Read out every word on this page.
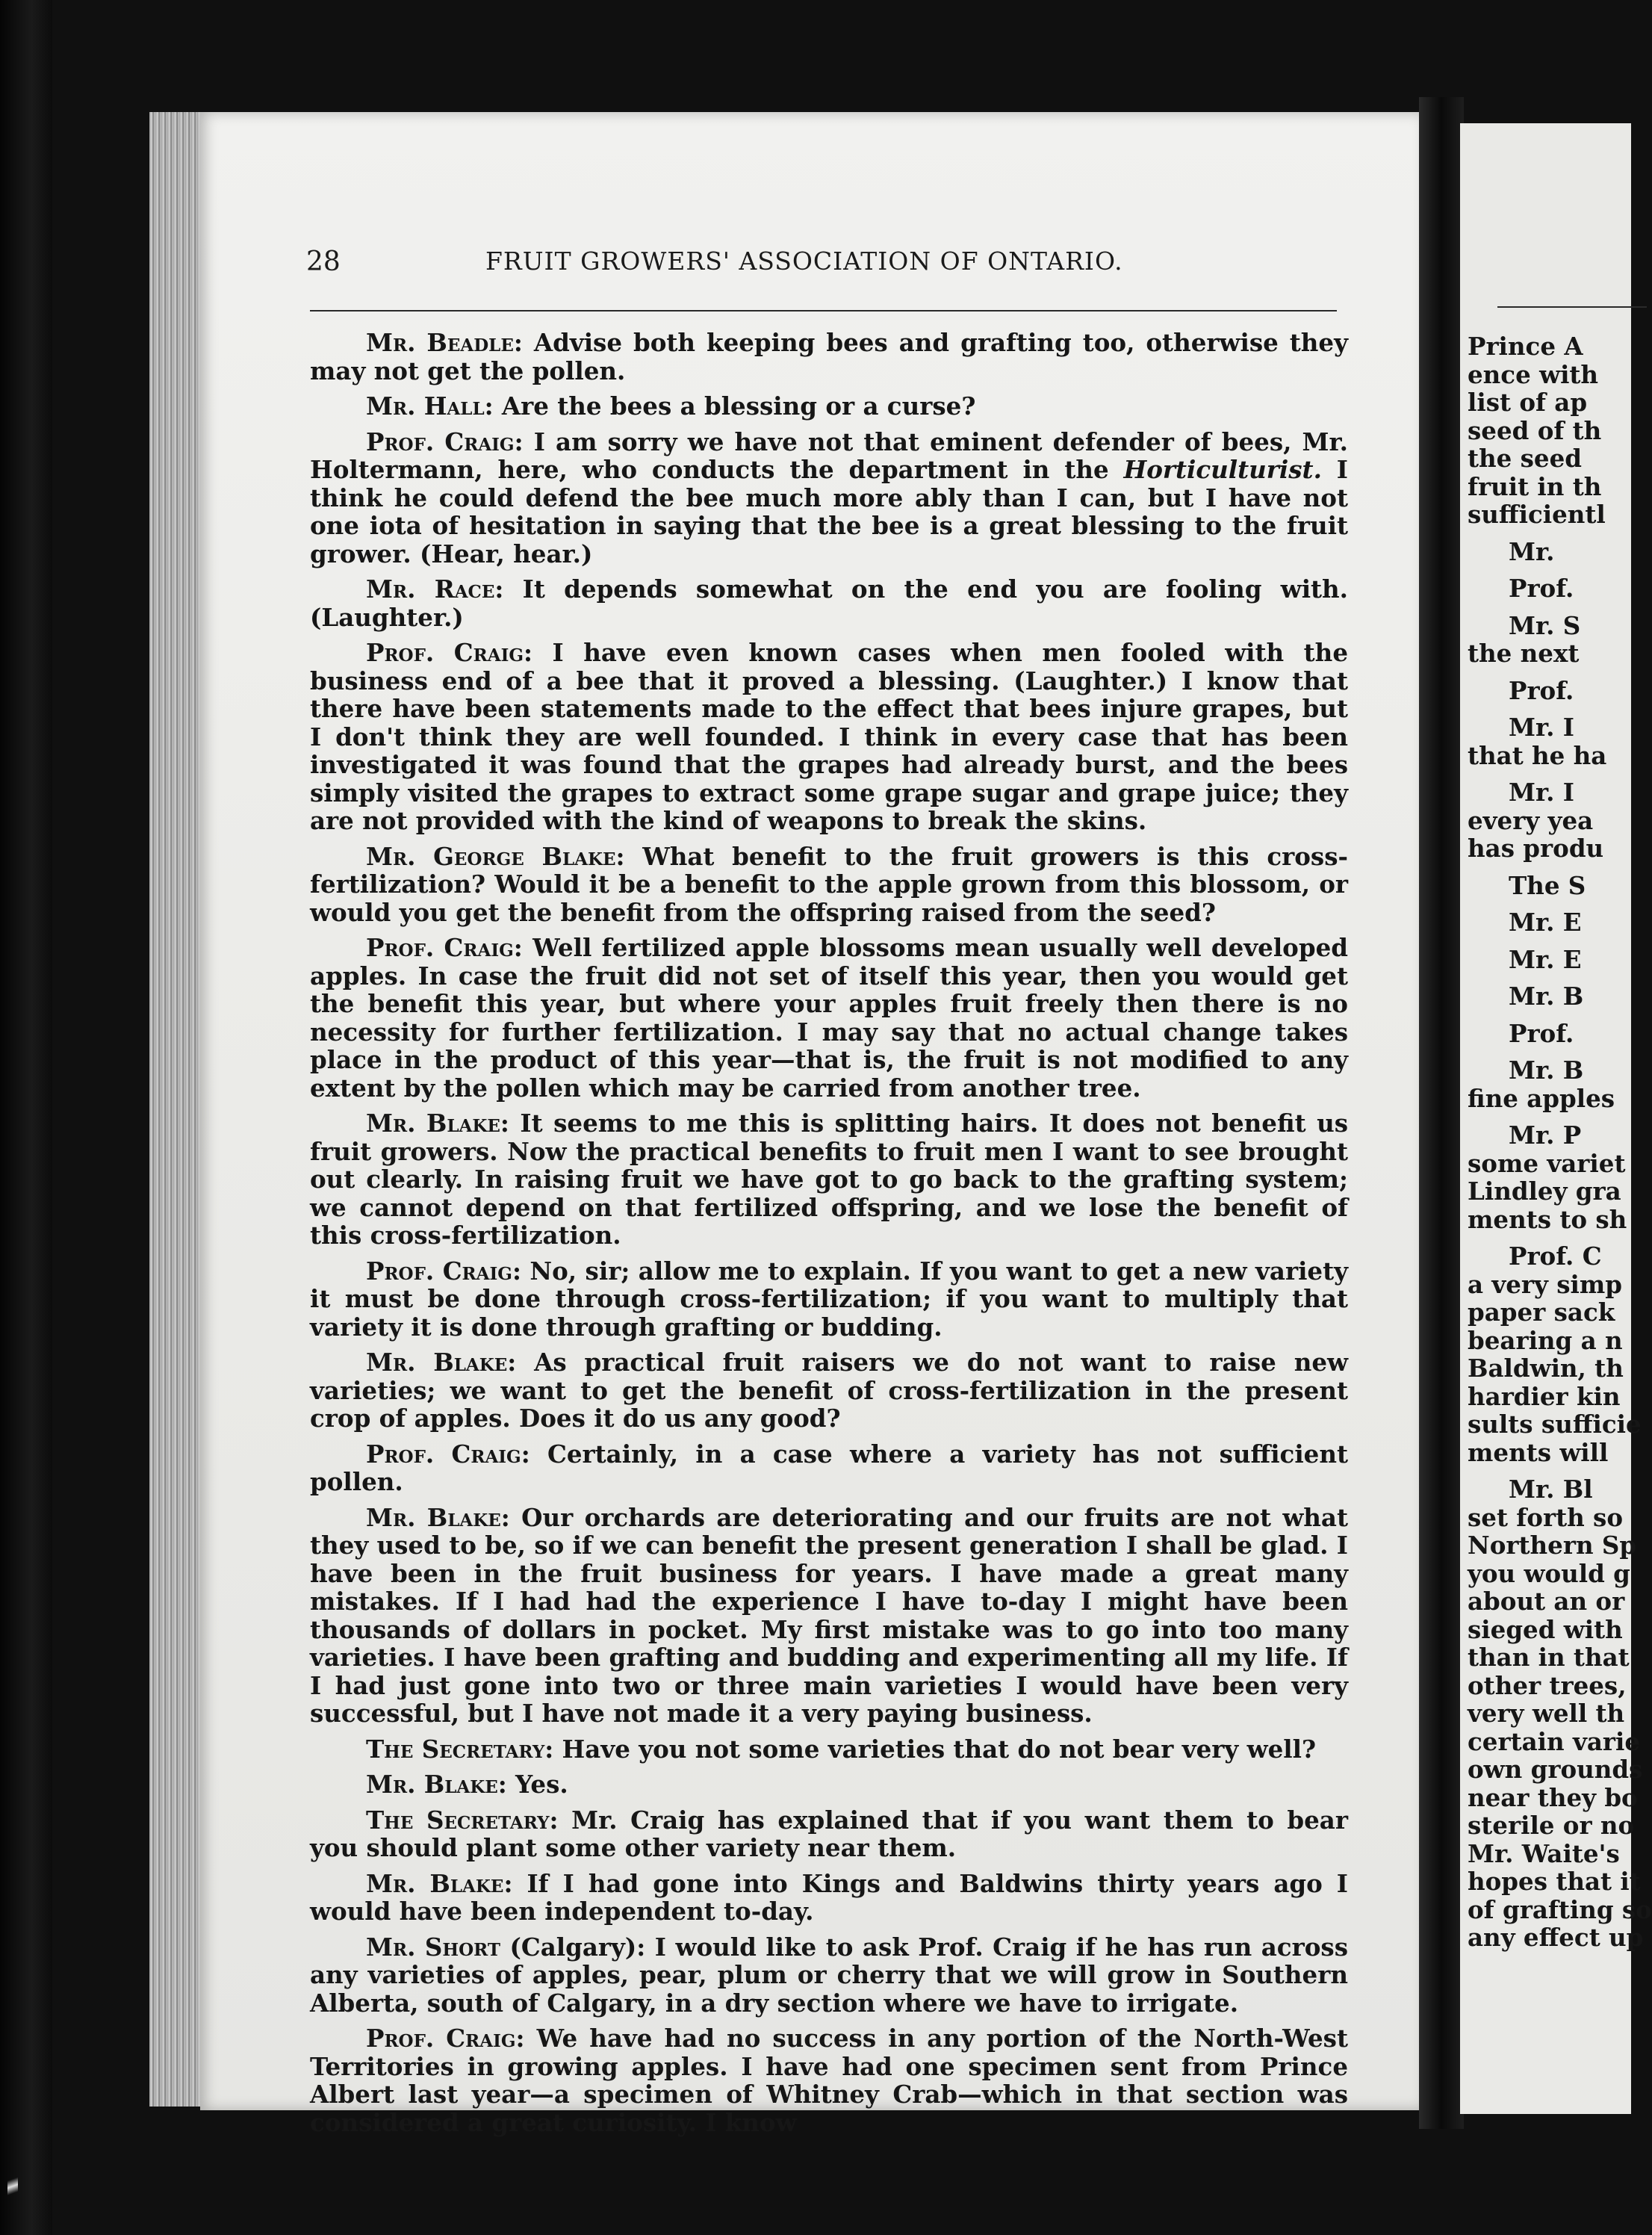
Prince A
ence with
list of ap
seed of th
the seed
fruit in th
sufficientl
Mr.
Prof.
Mr. S
the next
Prof.
Mr. I
that he ha
Mr. I
every yea
has produ
The S
Mr. E
Mr. E
Mr. B
Prof.
Mr. B
fine apples
Mr. P
some variet
Lindley gra
ments to sh
Prof. C
a very simp
paper sack
bearing a n
Baldwin, th
hardier kin
sults sufficie
ments will
Mr. Bl
set forth so
Northern Sp
you would g
about an or
sieged with
than in that
other trees,
very well th
certain varie
own grounds
near they bo
sterile or no
Mr. Waite's
hopes that it
of grafting so
any effect up
28	FRUIT GROWERS' ASSOCIATION OF ONTARIO.

Mr. Beadle: Advise both keeping bees and grafting too, otherwise they may not get the pollen.

Mr. Hall: Are the bees a blessing or a curse?

Prof. Craig: I am sorry we have not that eminent defender of bees, Mr. Holtermann, here, who conducts the department in the Horticulturist. I think he could defend the bee much more ably than I can, but I have not one iota of hesitation in saying that the bee is a great blessing to the fruit grower. (Hear, hear.)

Mr. Race: It depends somewhat on the end you are fooling with. (Laughter.)

Prof. Craig: I have even known cases when men fooled with the business end of a bee that it proved a blessing. (Laughter.) I know that there have been statements made to the effect that bees injure grapes, but I don't think they are well founded. I think in every case that has been investigated it was found that the grapes had already burst, and the bees simply visited the grapes to extract some grape sugar and grape juice; they are not provided with the kind of weapons to break the skins.

Mr. George Blake: What benefit to the fruit growers is this cross-fertilization? Would it be a benefit to the apple grown from this blossom, or would you get the benefit from the offspring raised from the seed?

Prof. Craig: Well fertilized apple blossoms mean usually well developed apples. In case the fruit did not set of itself this year, then you would get the benefit this year, but where your apples fruit freely then there is no necessity for further fertilization. I may say that no actual change takes place in the product of this year—that is, the fruit is not modified to any extent by the pollen which may be carried from another tree.

Mr. Blake: It seems to me this is splitting hairs. It does not benefit us fruit growers. Now the practical benefits to fruit men I want to see brought out clearly. In raising fruit we have got to go back to the grafting system; we cannot depend on that fertilized offspring, and we lose the benefit of this cross-fertilization.

Prof. Craig: No, sir; allow me to explain. If you want to get a new variety it must be done through cross-fertilization; if you want to multiply that variety it is done through grafting or budding.

Mr. Blake: As practical fruit raisers we do not want to raise new varieties; we want to get the benefit of cross-fertilization in the present crop of apples. Does it do us any good?

Prof. Craig: Certainly, in a case where a variety has not sufficient pollen.

Mr. Blake: Our orchards are deteriorating and our fruits are not what they used to be, so if we can benefit the present generation I shall be glad. I have been in the fruit business for years. I have made a great many mistakes. If I had had the experience I have to-day I might have been thousands of dollars in pocket. My first mistake was to go into too many varieties. I have been grafting and budding and experimenting all my life. If I had just gone into two or three main varieties I would have been very successful, but I have not made it a very paying business.

The Secretary: Have you not some varieties that do not bear very well?

Mr. Blake: Yes.

The Secretary: Mr. Craig has explained that if you want them to bear you should plant some other variety near them.

Mr. Blake: If I had gone into Kings and Baldwins thirty years ago I would have been independent to-day.

Mr. Short (Calgary): I would like to ask Prof. Craig if he has run across any varieties of apples, pear, plum or cherry that we will grow in Southern Alberta, south of Calgary, in a dry section where we have to irrigate.

Prof. Craig: We have had no success in any portion of the North-West Territories in growing apples. I have had one specimen sent from Prince Albert last year—a specimen of Whitney Crab—which in that section was considered a great curiosity. I know
